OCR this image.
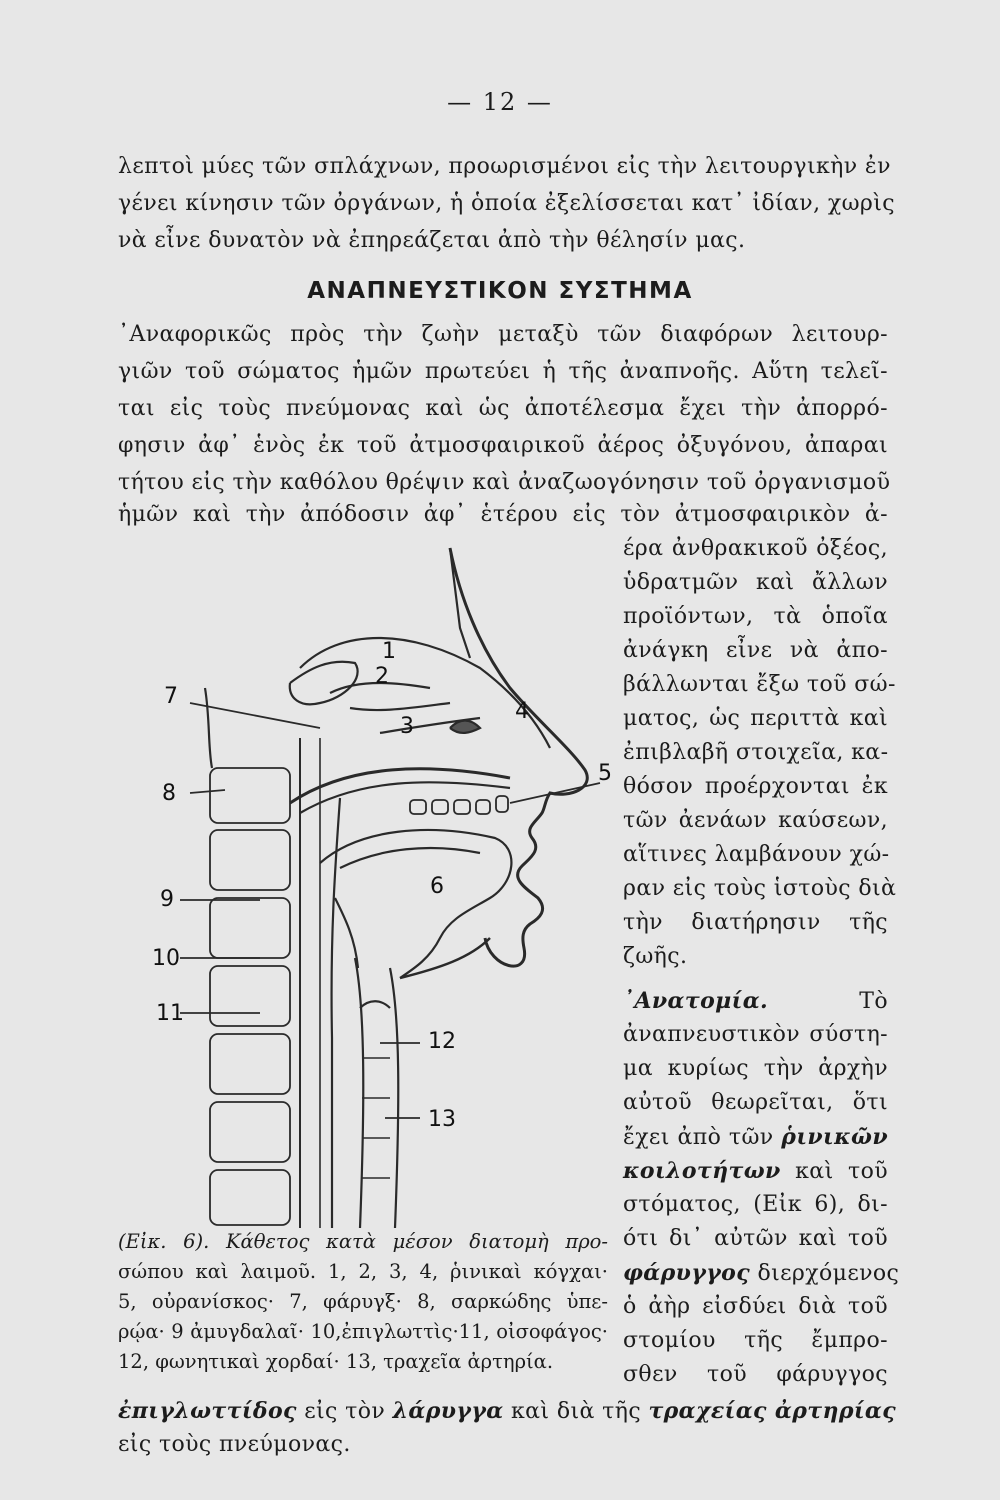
— 12 —
λεπτοὶ μύες τῶν σπλάχνων, προωρισμένοι εἰς τὴν λειτουργικὴν ἐν
γένει κίνησιν τῶν ὀργάνων, ἡ ὁποία ἐξελίσσεται κατ᾽ ἰδίαν, χωρὶς
νὰ εἶνε δυνατὸν νὰ ἐπηρεάζεται ἀπὸ τὴν θέλησίν μας.
ΑΝΑΠΝΕΥΣΤΙΚΟΝ ΣΥΣΤΗΜΑ
᾿Αναφορικῶς πρὸς τὴν ζωὴν μεταξὺ τῶν διαφόρων λειτουρ-
γιῶν τοῦ σώματος ἡμῶν πρωτεύει ἡ τῆς ἀναπνοῆς. Αὕτη τελεῖ-
ται εἰς τοὺς πνεύμονας καὶ ὡς ἀποτέλεσμα ἔχει τὴν ἀπορρό-
φησιν ἀφ᾽ ἑνὸς ἐκ τοῦ ἀτμοσφαιρικοῦ ἀέρος ὀξυγόνου, ἀπαραι
τήτου εἰς τὴν καθόλου θρέψιν καὶ ἀναζωογόνησιν τοῦ ὀργανισμοῦ
ἡμῶν καὶ τὴν ἀπόδοσιν ἀφ᾽ ἑτέρου εἰς τὸν ἀτμοσφαιρικὸν ἀ-
έρα ἀνθρακικοῦ ὀξέος,
ὑδρατμῶν καὶ ἄλλων
προϊόντων, τὰ ὁποῖα
ἀνάγκη εἶνε νὰ ἀπο-
βάλλωνται ἔξω τοῦ σώ-
ματος, ὡς περιττὰ καὶ
ἐπιβλαβῆ στοιχεῖα, κα-
θόσον προέρχονται ἐκ
τῶν ἀενάων καύσεων,
αἵτινες λαμβάνουν χώ-
ραν εἰς τοὺς ἱστοὺς διὰ
τὴν διατήρησιν τῆς
ζωῆς.
᾿Ανατομία.	Τὸ
ἀναπνευστικὸν σύστη-
μα κυρίως τὴν ἀρχὴν
αὐτοῦ θεωρεῖται, ὅτι
ἔχει ἀπὸ τῶν ῥινικῶν
κοιλοτήτων καὶ τοῦ
στόματος, (Εἰκ 6), δι-
ότι δι᾽ αὐτῶν καὶ τοῦ
φάρυγγος διερχόμενος
ὁ ἀὴρ εἰσδύει διὰ τοῦ
στομίου τῆς ἔμπρο-
σθεν τοῦ φάρυγγος
2
3
4
5
6
7
8
9
10
11
12
13
1
(Εἰκ. 6). Κάθετος κατὰ μέσον διατομὴ προ-
σώπου καὶ λαιμοῦ. 1, 2, 3, 4, ῥινικαὶ κόγχαι·
5, οὐρανίσκος· 7, φάρυγξ· 8, σαρκώδης ὑπε-
ρῴα· 9 ἀμυγδαλαῖ· 10,ἐπιγλωττὶς·11, οἰσοφάγος·
12, φωνητικαὶ χορδαί· 13, τραχεῖα ἀρτηρία.
ἐπιγλωττίδος εἰς τὸν λάρυγγα καὶ διὰ τῆς τραχείας ἀρτηρίας
εἰς τοὺς πνεύμονας.
